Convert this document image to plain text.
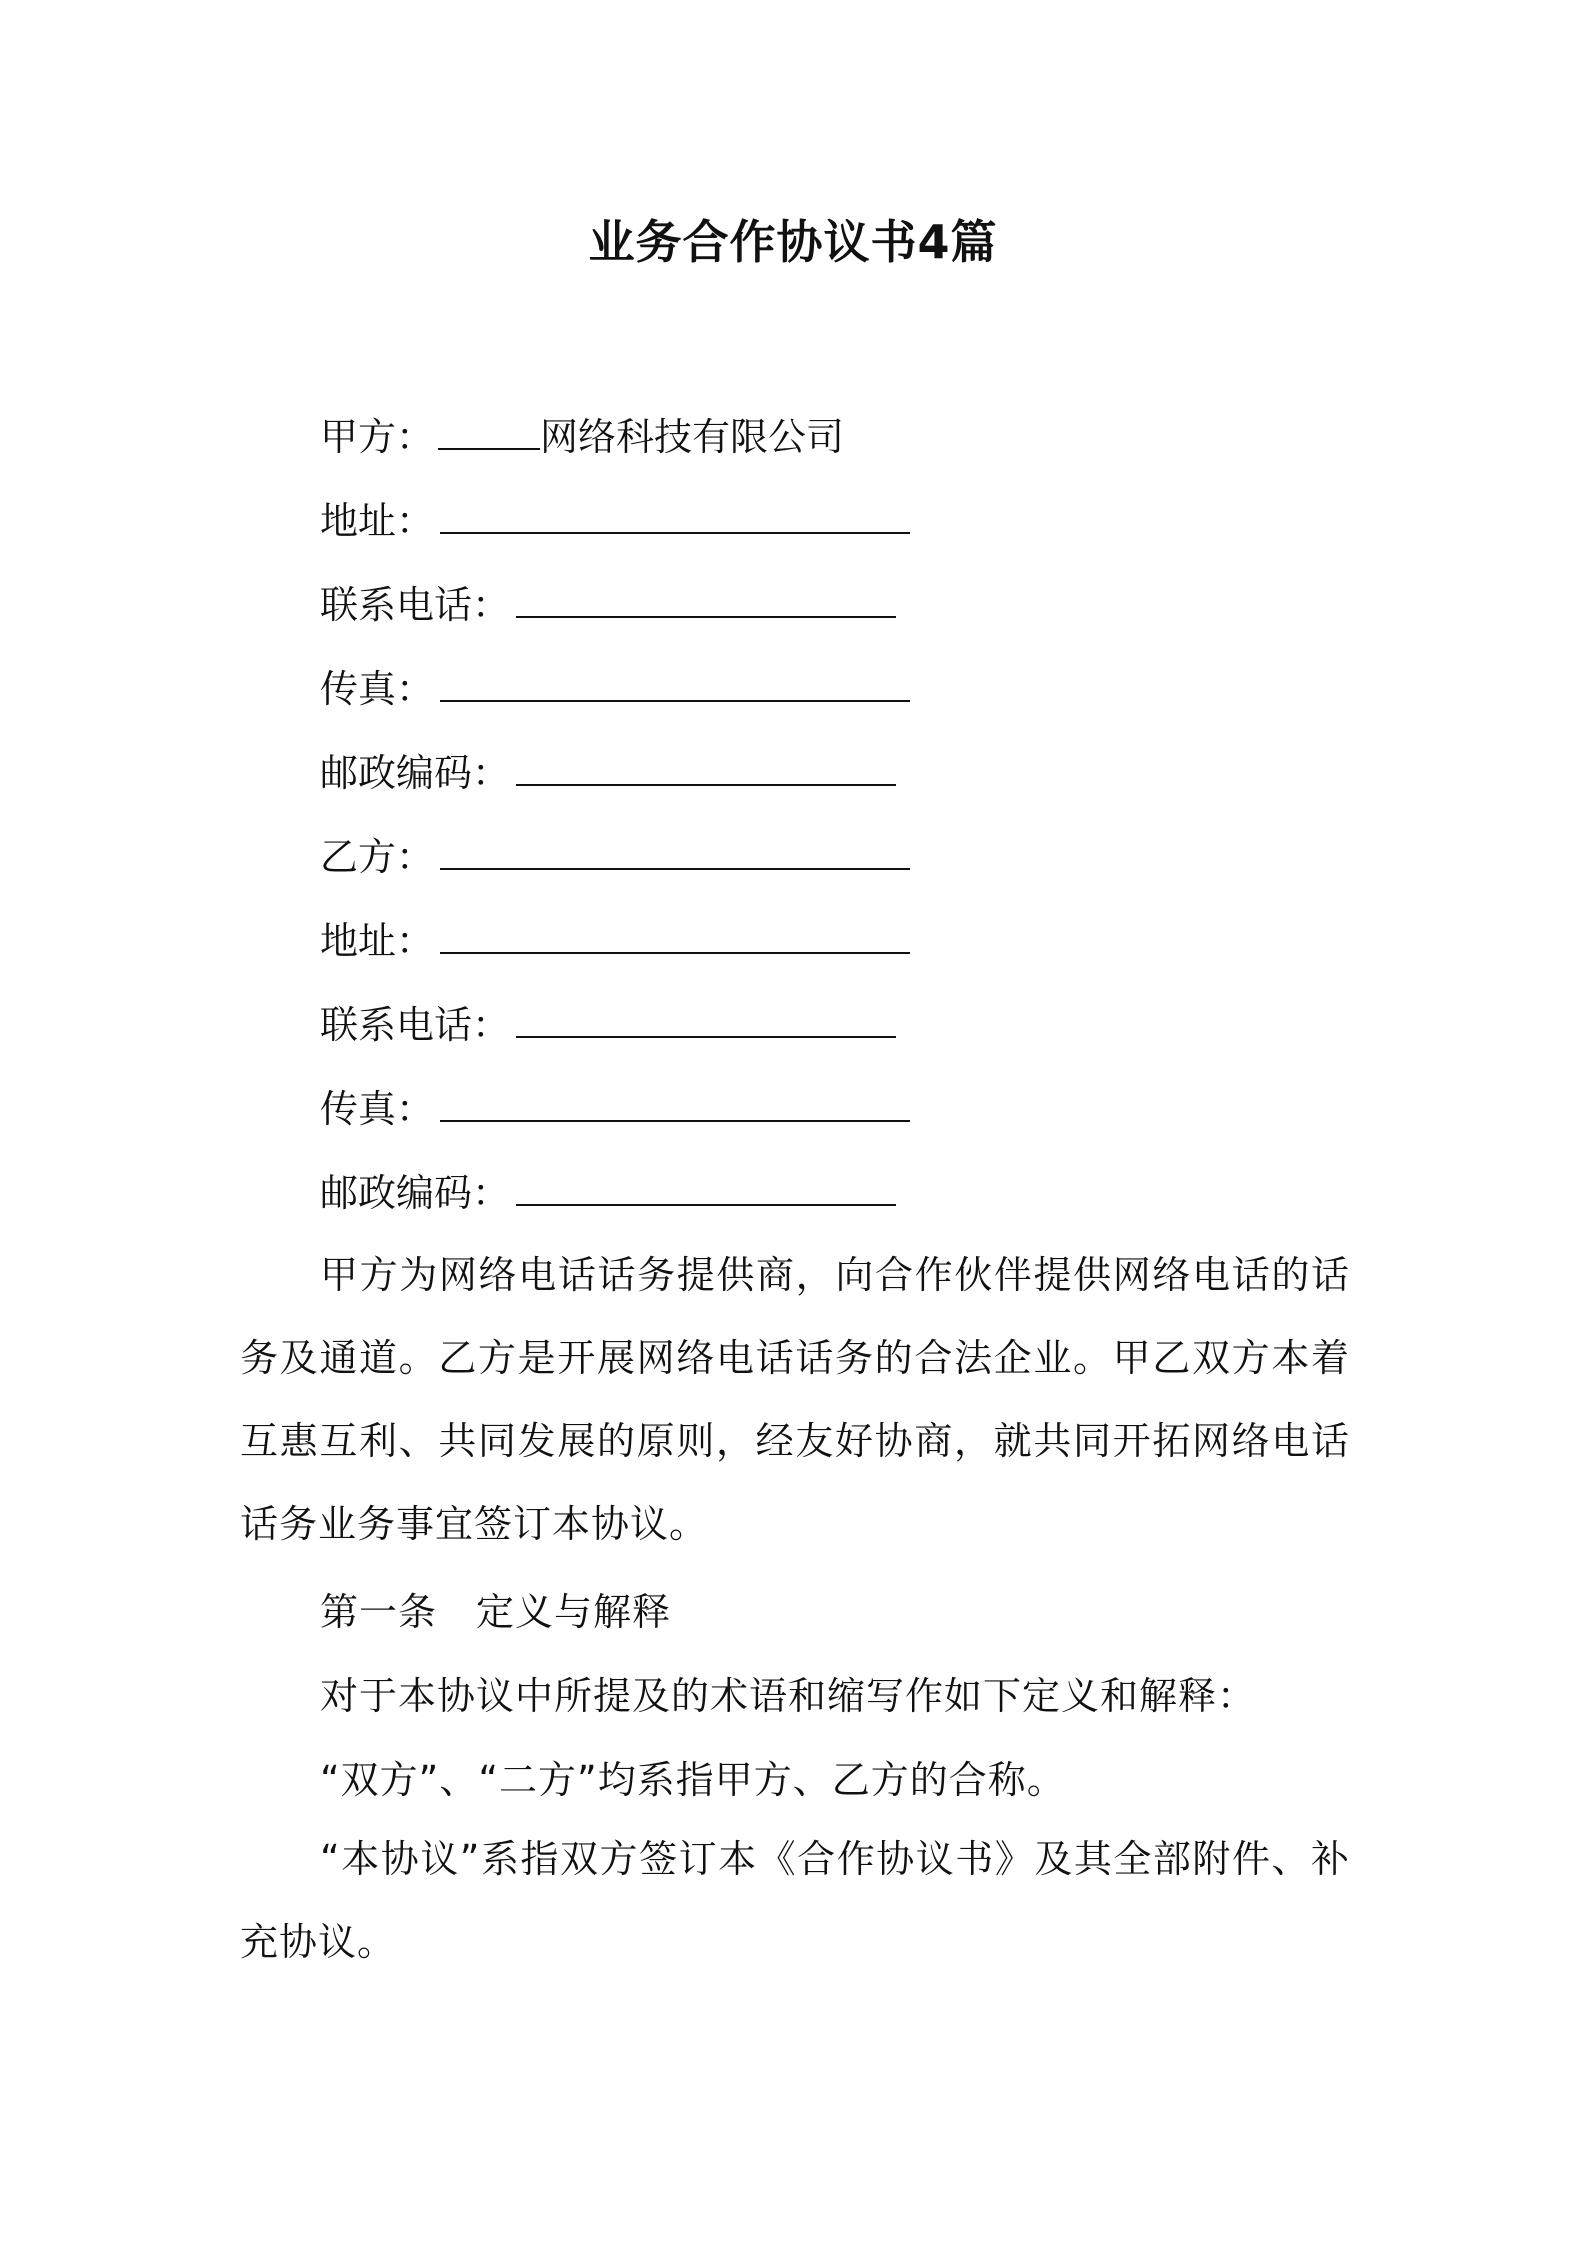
业务合作协议书4篇
甲方：	网络科技有限公司
地址：
联系电话：
传真：
邮政编码：
乙方：
地址：
联系电话：
传真：
邮政编码：
甲方为网络电话话务提供商，向合作伙伴提供网络电话的话务及通道。乙方是开展网络电话话务的合法企业。甲乙双方本着互惠互利、共同发展的原则，经友好协商，就共同开拓网络电话话务业务事宜签订本协议。
第一条　定义与解释
对于本协议中所提及的术语和缩写作如下定义和解释：
“双方”、“二方”均系指甲方、乙方的合称。
“本协议”系指双方签订本《合作协议书》及其全部附件、补充协议。
